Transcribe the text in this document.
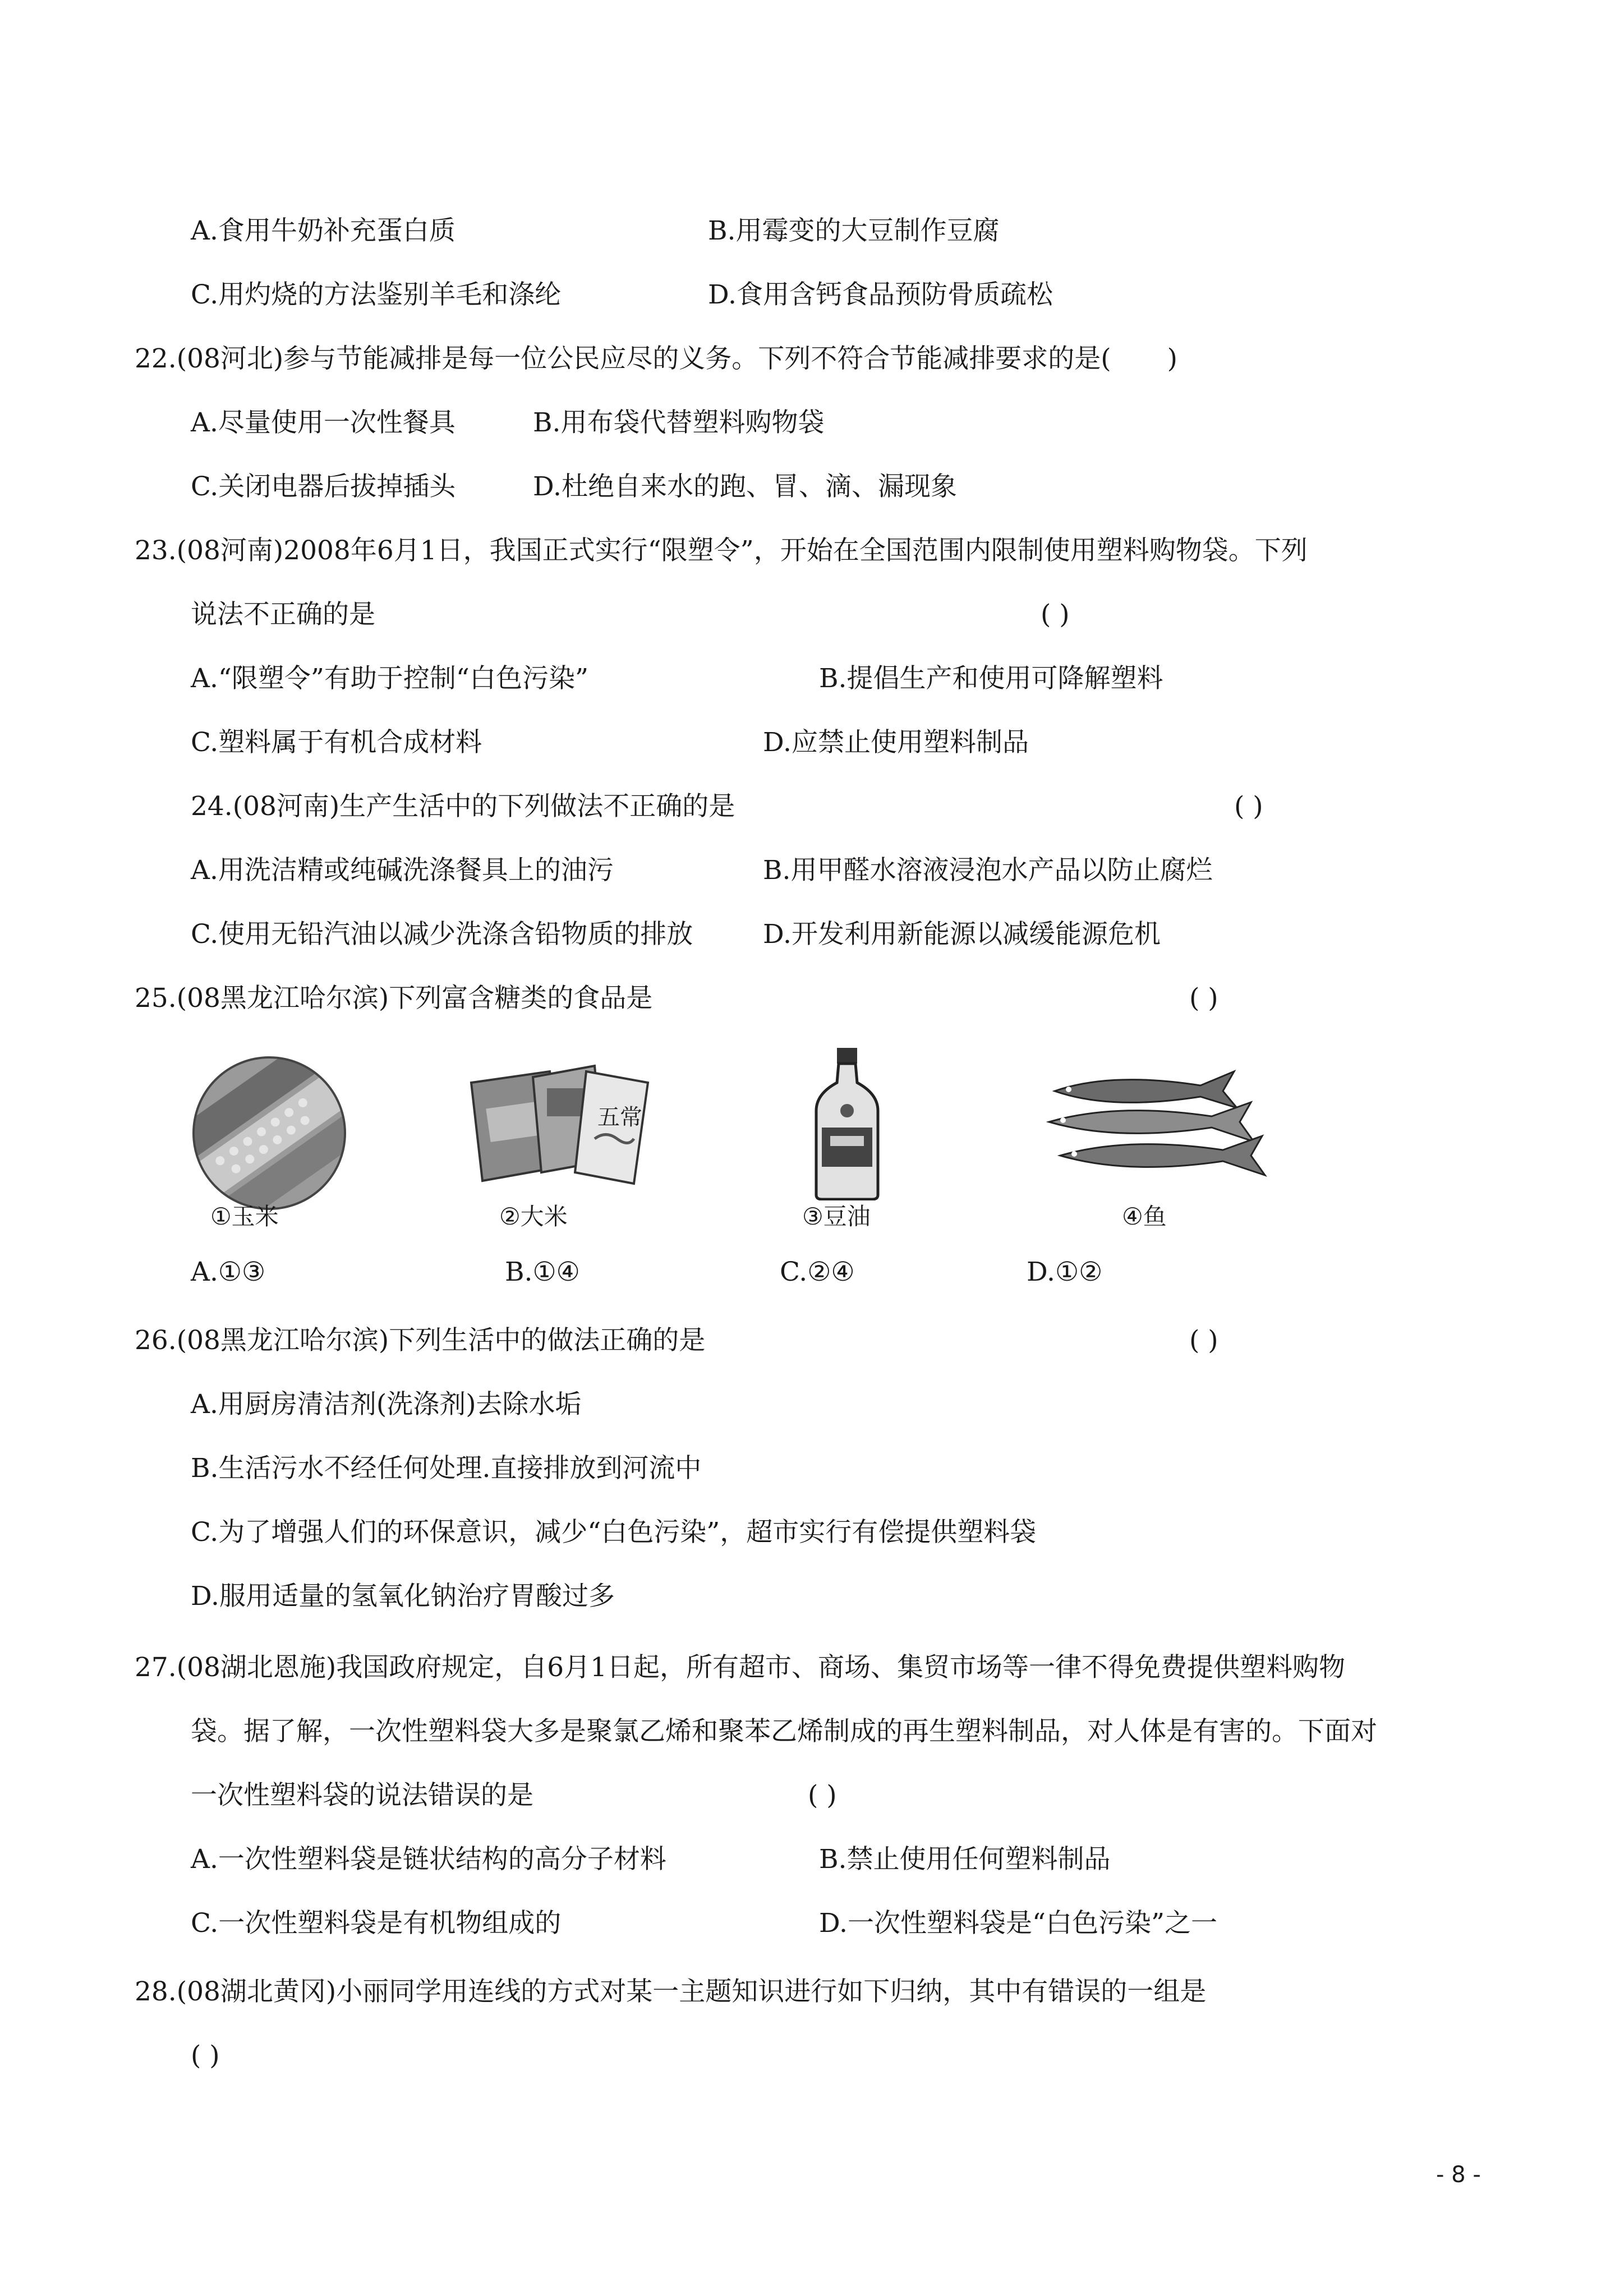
A.食用牛奶补充蛋白质	B.用霉变的大豆制作豆腐
C.用灼烧的方法鉴别羊毛和涤纶	D.食用含钙食品预防骨质疏松
22.(08河北)参与节能减排是每一位公民应尽的义务。下列不符合节能减排要求的是( )
A.尽量使用一次性餐具	B.用布袋代替塑料购物袋
C.关闭电器后拔掉插头	D.杜绝自来水的跑、冒、滴、漏现象
23.(08河南)2008年6月1日，我国正式实行“限塑令”，开始在全国范围内限制使用塑料购物袋。下列
说法不正确的是	( )
A.“限塑令”有助于控制“白色污染”	B.提倡生产和使用可降解塑料
C.塑料属于有机合成材料	D.应禁止使用塑料制品
24.(08河南)生产生活中的下列做法不正确的是	( )
A.用洗洁精或纯碱洗涤餐具上的油污	B.用甲醛水溶液浸泡水产品以防止腐烂
C.使用无铅汽油以减少洗涤含铅物质的排放	D.开发利用新能源以减缓能源危机
25.(08黑龙江哈尔滨)下列富含糖类的食品是	( )
①玉米
五常
②大米	③豆油	④鱼
A.①③	B.①④	C.②④	D.①②
26.(08黑龙江哈尔滨)下列生活中的做法正确的是	( )
A.用厨房清洁剂(洗涤剂)去除水垢
B.生活污水不经任何处理.直接排放到河流中
C.为了增强人们的环保意识，减少“白色污染”，超市实行有偿提供塑料袋
D.服用适量的氢氧化钠治疗胃酸过多
27.(08湖北恩施)我国政府规定，自6月1日起，所有超市、商场、集贸市场等一律不得免费提供塑料购物
袋。据了解，一次性塑料袋大多是聚氯乙烯和聚苯乙烯制成的再生塑料制品，对人体是有害的。下面对
一次性塑料袋的说法错误的是	( )
A.一次性塑料袋是链状结构的高分子材料	B.禁止使用任何塑料制品
C.一次性塑料袋是有机物组成的	D.一次性塑料袋是“白色污染”之一
28.(08湖北黄冈)小丽同学用连线的方式对某一主题知识进行如下归纳，其中有错误的一组是
( )
- 8 -
